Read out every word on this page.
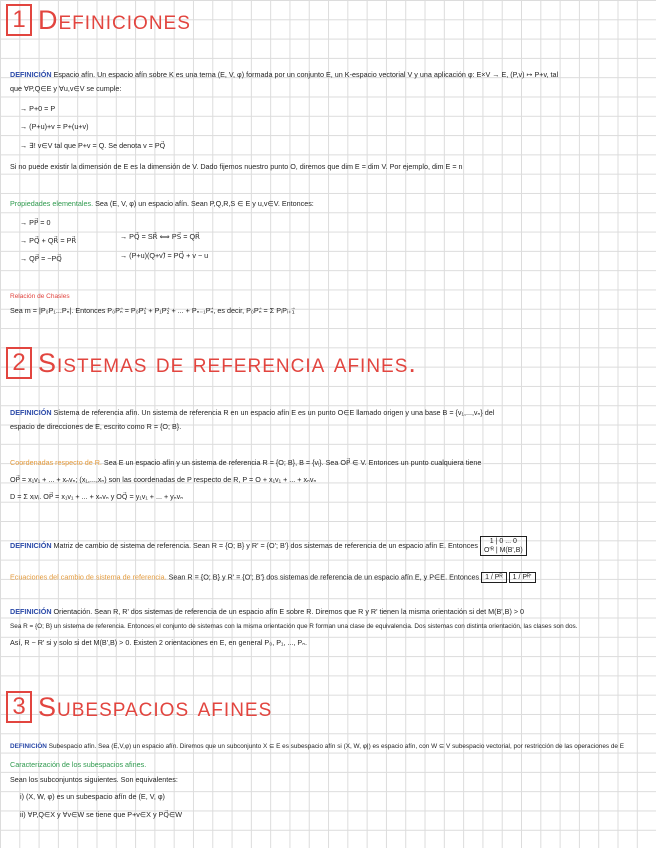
1 Definiciones
DEFINICIÓN Espacio afín. Un espacio afín sobre K es una terna (E, V, φ) formada por un conjunto E, un K-espacio vectorial V y una aplicación φ: E×V → E, (P,v) ↦ P+v, tal
que ∀P,Q∈E y ∀u,v∈V se cumple:
→ P+0 = P
→ (P+u)+v = P+(u+v)
→ ∃! v∈V tal que P+v = Q. Se denota v = PQ⃗
Si no puede existir la dimensión de E es la dimensión de V. Dado fijemos nuestro punto O, diremos que dim E = dim V. Por ejemplo, dim E = n
Propiedades elementales. Sea (E, V, φ) un espacio afín. Sean P,Q,R,S ∈ E y u,v∈V. Entonces:
→ PP⃗ = 0
→ PQ⃗ + QR⃗ = PR⃗
→ QP⃗ = −PQ⃗
→ PQ⃗ = SR⃗ ⟺ PS⃗ = QR⃗
→ (P+u)(Q+v)⃗ = PQ⃗ + v − u
Relación de Chasles
Sea m = |P₀P₁...Pₙ|. Entonces P₀Pₙ⃗ = P₀P₁⃗ + P₁P₂⃗ + ... + Pₙ₋₁Pₙ⃗, es decir, P₀Pₙ⃗ = Σ PᵢPᵢ₊₁⃗
2 Sistemas de referencia afines.
DEFINICIÓN Sistema de referencia afín. Un sistema de referencia R en un espacio afín E es un punto O∈E llamado origen y una base B = {v₁,...,vₙ} del
espacio de direcciones de E, escrito como R = {O; B}.
Coordenadas respecto de R. Sea E un espacio afín y un sistema de referencia R = {O; B}, B = {vᵢ}. Sea OP⃗ ∈ V. Entonces un punto cualquiera tiene
OP⃗ = x₁v₁ + ... + xₙvₙ; (x₁,...,xₙ) son las coordenadas de P respecto de R, P = O + x₁v₁ + ... + xₙvₙ
D = Σ xᵢvᵢ. OP⃗ = x₁v₁ + ... + xₙvₙ y OQ⃗ = y₁v₁ + ... + yₙvₙ
DEFINICIÓN Matriz de cambio de sistema de referencia. Sean R = {O; B} y R' = {O'; B'} dos sistemas de referencia de un espacio afín E. Entonces 1 | 0 ... 0
O'ᴿ | M(B',B)
Ecuaciones del cambio de sistema de referencia. Sean R = {O; B} y R' = {O'; B'} dos sistemas de referencia de un espacio afín E, y P∈E. Entonces 1 / Pᴿ 1 / Pᴿ'
DEFINICIÓN Orientación. Sean R, R' dos sistemas de referencia de un espacio afín E sobre R. Diremos que R y R' tienen la misma orientación si det M(B',B) > 0
Sea R = {O; B} un sistema de referencia. Entonces el conjunto de sistemas con la misma orientación que R forman una clase de equivalencia. Dos sistemas con distinta orientación, las clases son dos.
Así, R ~ R' si y solo si det M(B',B) > 0. Existen 2 orientaciones en E, en general P₀, P₁, ..., Pₙ.
3 Subespacios afines
DEFINICIÓN Subespacio afín. Sea (E,V,φ) un espacio afín. Diremos que un subconjunto X ⊆ E es subespacio afín si (X, W, φ|) es espacio afín, con W ⊆ V subespacio vectorial, por restricción de las operaciones de E
Caracterización de los subespacios afines.
Sean los subconjuntos siguientes. Son equivalentes:
i) (X, W, φ) es un subespacio afín de (E, V, φ)
ii) ∀P,Q∈X y ∀v∈W se tiene que P+v∈X y PQ⃗∈W
